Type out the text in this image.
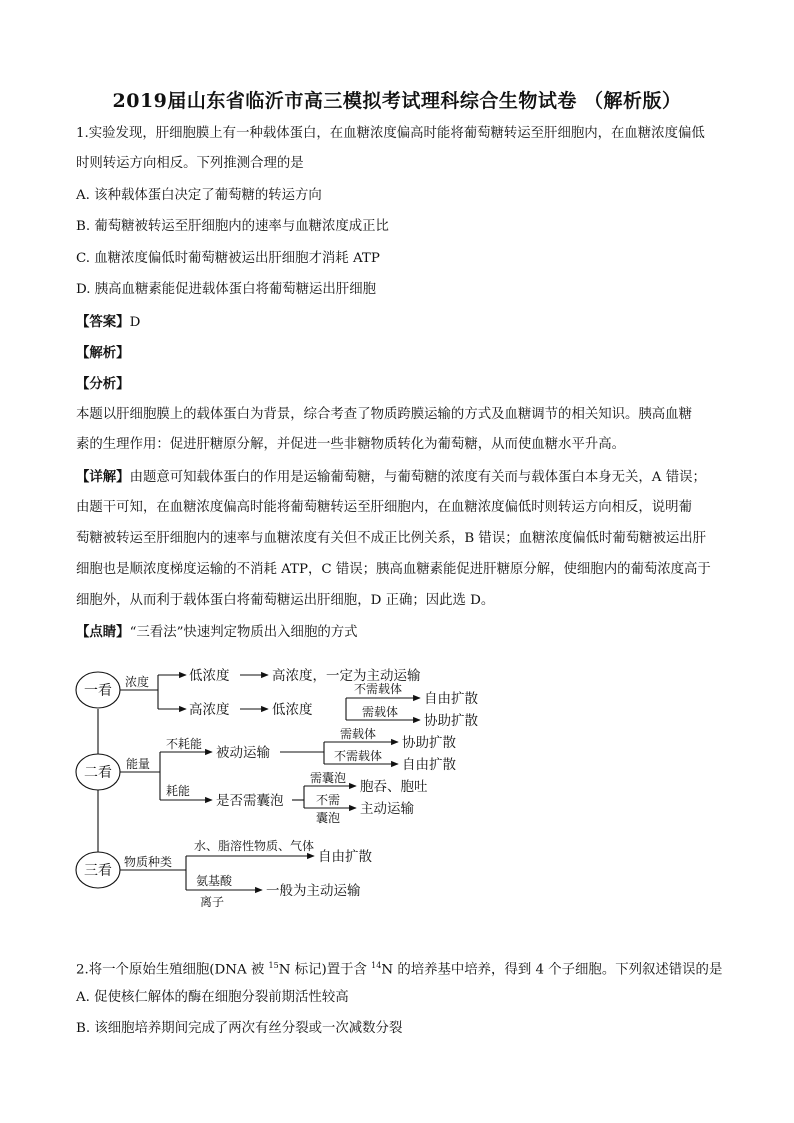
2019届山东省临沂市高三模拟考试理科综合生物试卷 （解析版）
1.实验发现，肝细胞膜上有一种载体蛋白，在血糖浓度偏高时能将葡萄糖转运至肝细胞内，在血糖浓度偏低
时则转运方向相反。下列推测合理的是
A. 该种载体蛋白决定了葡萄糖的转运方向
B. 葡萄糖被转运至肝细胞内的速率与血糖浓度成正比
C. 血糖浓度偏低时葡萄糖被运出肝细胞才消耗 ATP
D. 胰高血糖素能促进载体蛋白将葡萄糖运出肝细胞
【答案】D
【解析】
【分析】
本题以肝细胞膜上的载体蛋白为背景，综合考查了物质跨膜运输的方式及血糖调节的相关知识。胰高血糖
素的生理作用：促进肝糖原分解，并促进一些非糖物质转化为葡萄糖，从而使血糖水平升高。
【详解】由题意可知载体蛋白的作用是运输葡萄糖，与葡萄糖的浓度有关而与载体蛋白本身无关，A 错误；
由题干可知，在血糖浓度偏高时能将葡萄糖转运至肝细胞内，在血糖浓度偏低时则转运方向相反，说明葡
萄糖被转运至肝细胞内的速率与血糖浓度有关但不成正比例关系，B 错误；血糖浓度偏低时葡萄糖被运出肝
细胞也是顺浓度梯度运输的不消耗 ATP，C 错误；胰高血糖素能促进肝糖原分解，使细胞内的葡萄浓度高于
细胞外，从而利于载体蛋白将葡萄糖运出肝细胞，D 正确；因此选 D。
【点睛】“三看法”快速判定物质出入细胞的方式
一看
二看
三看
浓度	低浓度	高浓度，一定为主动运输
高浓度	低浓度
不需载体
自由扩散
需载体
协助扩散
能量
不耗能
被动运输
需载体
协助扩散
不需载体
自由扩散
耗能
是否需囊泡
需囊泡
胞吞、胞吐
不需
囊泡
主动运输
物质种类
水、脂溶性物质、气体
自由扩散
氨基酸
离子
一般为主动运输
2.将一个原始生殖细胞(DNA 被 $^{15}$N 标记)置于含 $^{14}$N 的培养基中培养，得到 4 个子细胞。下列叙述错误的是
A. 促使核仁解体的酶在细胞分裂前期活性较高
B. 该细胞培养期间完成了两次有丝分裂或一次减数分裂
